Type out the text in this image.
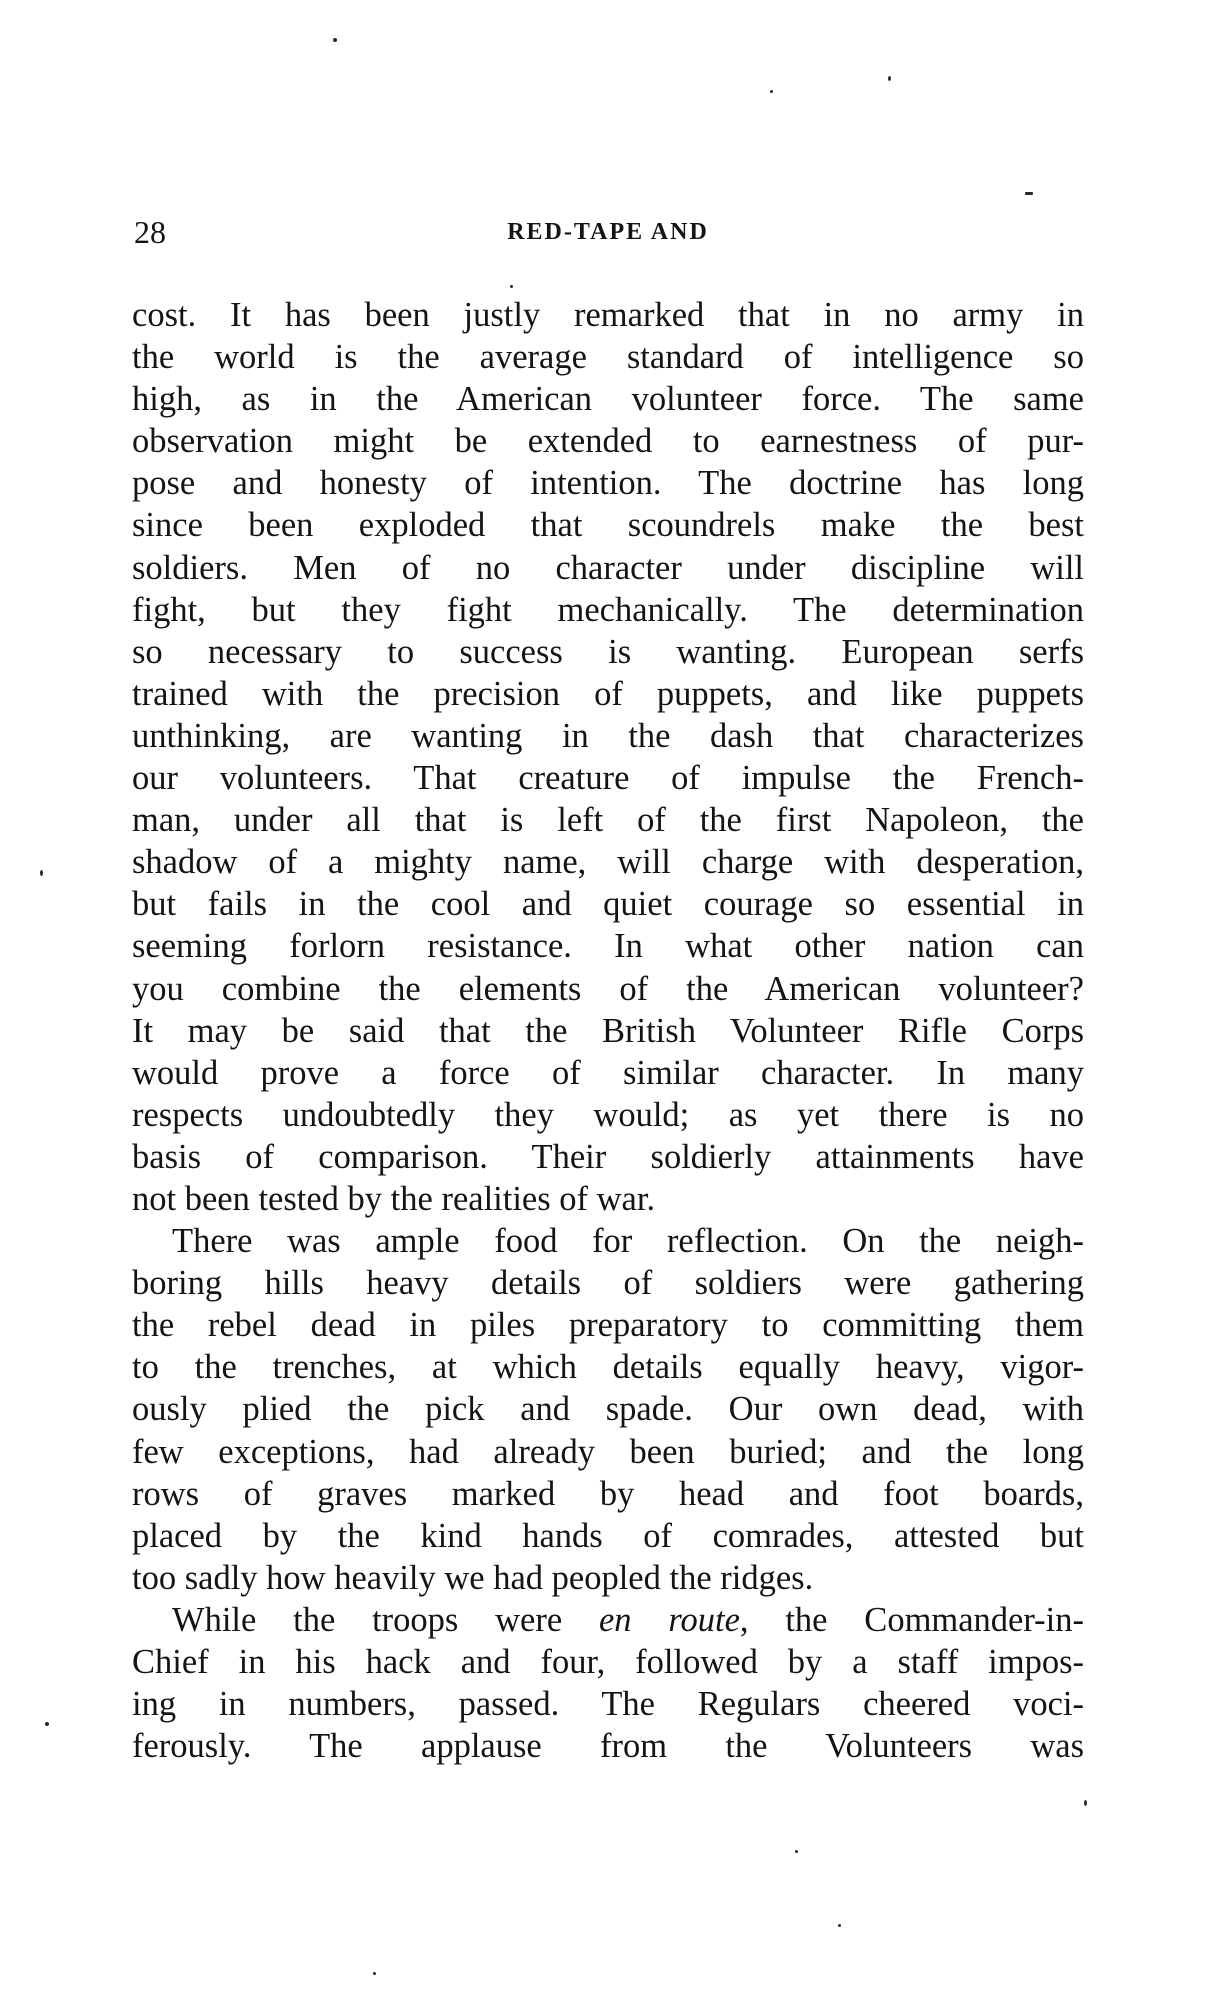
28	RED-TAPE AND

cost. It has been justly remarked that in no army in
the world is the average standard of intelligence so
high, as in the American volunteer force. The same
observation might be extended to earnestness of pur-
pose and honesty of intention. The doctrine has long
since been exploded that scoundrels make the best
soldiers. Men of no character under discipline will
fight, but they fight mechanically. The determination
so necessary to success is wanting. European serfs
trained with the precision of puppets, and like puppets
unthinking, are wanting in the dash that characterizes
our volunteers. That creature of impulse the French-
man, under all that is left of the first Napoleon, the
shadow of a mighty name, will charge with desperation,
but fails in the cool and quiet courage so essential in
seeming forlorn resistance. In what other nation can
you combine the elements of the American volunteer?
It may be said that the British Volunteer Rifle Corps
would prove a force of similar character. In many
respects undoubtedly they would; as yet there is no
basis of comparison. Their soldierly attainments have
not been tested by the realities of war.

There was ample food for reflection. On the neigh-
boring hills heavy details of soldiers were gathering
the rebel dead in piles preparatory to committing them
to the trenches, at which details equally heavy, vigor-
ously plied the pick and spade. Our own dead, with
few exceptions, had already been buried; and the long
rows of graves marked by head and foot boards,
placed by the kind hands of comrades, attested but
too sadly how heavily we had peopled the ridges.

While the troops were en route, the Commander-in-
Chief in his hack and four, followed by a staff impos-
ing in numbers, passed. The Regulars cheered voci-
ferously. The applause from the Volunteers was
